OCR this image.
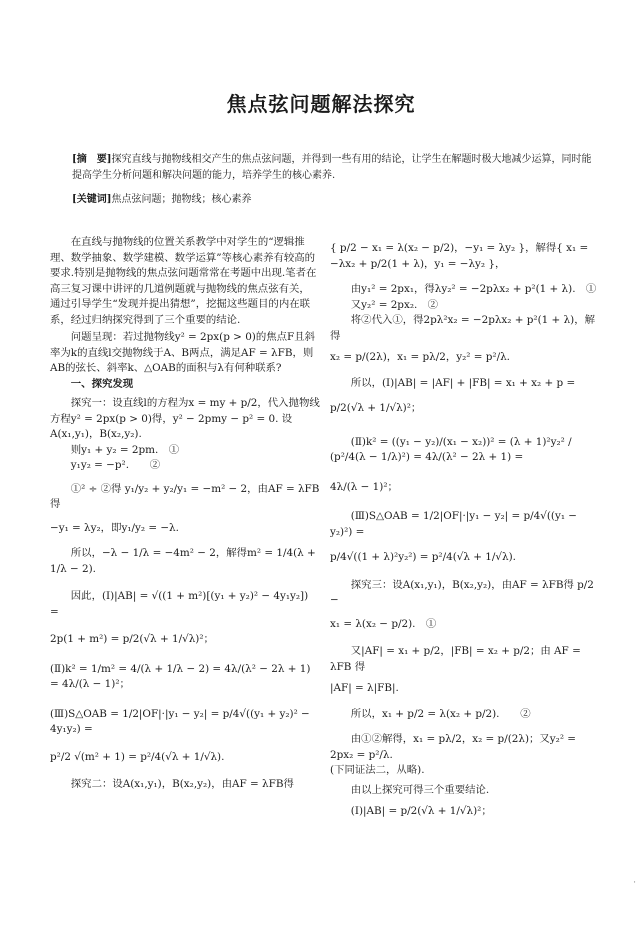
焦点弦问题解法探究
[摘　要]探究直线与抛物线相交产生的焦点弦问题，并得到一些有用的结论，让学生在解题时极大地减少运算，同时能提高学生分析问题和解决问题的能力，培养学生的核心素养.
[关键词]焦点弦问题；抛物线；核心素养

在直线与抛物线的位置关系教学中对学生的“逻辑推理、数学抽象、数学建模、数学运算”等核心素养有较高的要求.特别是抛物线的焦点弦问题常常在考题中出现.笔者在高三复习课中讲评的几道例题就与抛物线的焦点弦有关，通过引导学生“发现并提出猜想”，挖掘这些题目的内在联系，经过归纳探究得到了三个重要的结论.

问题呈现：若过抛物线y² = 2px(p > 0)的焦点F且斜率为k的直线l交抛物线于A、B两点，满足AF = λFB，则AB的弦长、斜率k、△OAB的面积与λ有何种联系?

一、探究发现

探究一：设直线l的方程为x = my + p/2，代入抛物线方程y² = 2px(p > 0)得，y² − 2pmy − p² = 0. 设A(x₁,y₁)，B(x₂,y₂).

则y₁ + y₂ = 2pm.　①

y₁y₂ = −p².　　②

①² ÷ ②得 y₁/y₂ + y₂/y₁ = −m² − 2，由AF = λFB得

−y₁ = λy₂，即y₁/y₂ = −λ.

所以，−λ − 1/λ = −4m² − 2，解得m² = 1/4(λ + 1/λ − 2).

因此，(Ⅰ)|AB| = √((1 + m²)[(y₁ + y₂)² − 4y₁y₂]) =

2p(1 + m²) = p/2(√λ + 1/√λ)²；

(Ⅱ)k² = 1/m² = 4/(λ + 1/λ − 2) = 4λ/(λ² − 2λ + 1) = 4λ/(λ − 1)²；

(Ⅲ)S△OAB = 1/2|OF|·|y₁ − y₂| = p/4√((y₁ + y₂)² − 4y₁y₂) =

p²/2 √(m² + 1) = p²/4(√λ + 1/√λ).

探究二：设A(x₁,y₁)，B(x₂,y₂)，由AF = λFB得

{ p/2 − x₁ = λ(x₂ − p/2)，−y₁ = λy₂ }，解得{ x₁ = −λx₂ + p/2(1 + λ)，y₁ = −λy₂ }，

由y₁² = 2px₁，得λy₂² = −2pλx₂ + p²(1 + λ).　①

又y₂² = 2px₂.　②

将②代入①，得2pλ²x₂ = −2pλx₂ + p²(1 + λ)，解得

x₂ = p/(2λ)，x₁ = pλ/2，y₂² = p²/λ.

所以，(Ⅰ)|AB| = |AF| + |FB| = x₁ + x₂ + p =

p/2(√λ + 1/√λ)²；

(Ⅱ)k² = ((y₁ − y₂)/(x₁ − x₂))² = (λ + 1)²y₂² / (p²/4(λ − 1/λ)²) = 4λ/(λ² − 2λ + 1) =

4λ/(λ − 1)²；

(Ⅲ)S△OAB = 1/2|OF|·|y₁ − y₂| = p/4√((y₁ − y₂)²) =

p/4√((1 + λ)²y₂²) = p²/4(√λ + 1/√λ).

探究三：设A(x₁,y₁)，B(x₂,y₂)，由AF = λFB得 p/2 −

x₁ = λ(x₂ − p/2).　①

又|AF| = x₁ + p/2，|FB| = x₂ + p/2；由 AF = λFB 得

|AF| = λ|FB|.

所以，x₁ + p/2 = λ(x₂ + p/2).　　②

由①②解得，x₁ = pλ/2，x₂ = p/(2λ)；又y₂² = 2px₂ = p²/λ.

(下同证法二，从略).

由以上探究可得三个重要结论.

(Ⅰ)|AB| = p/2(√λ + 1/√λ)²；

·
